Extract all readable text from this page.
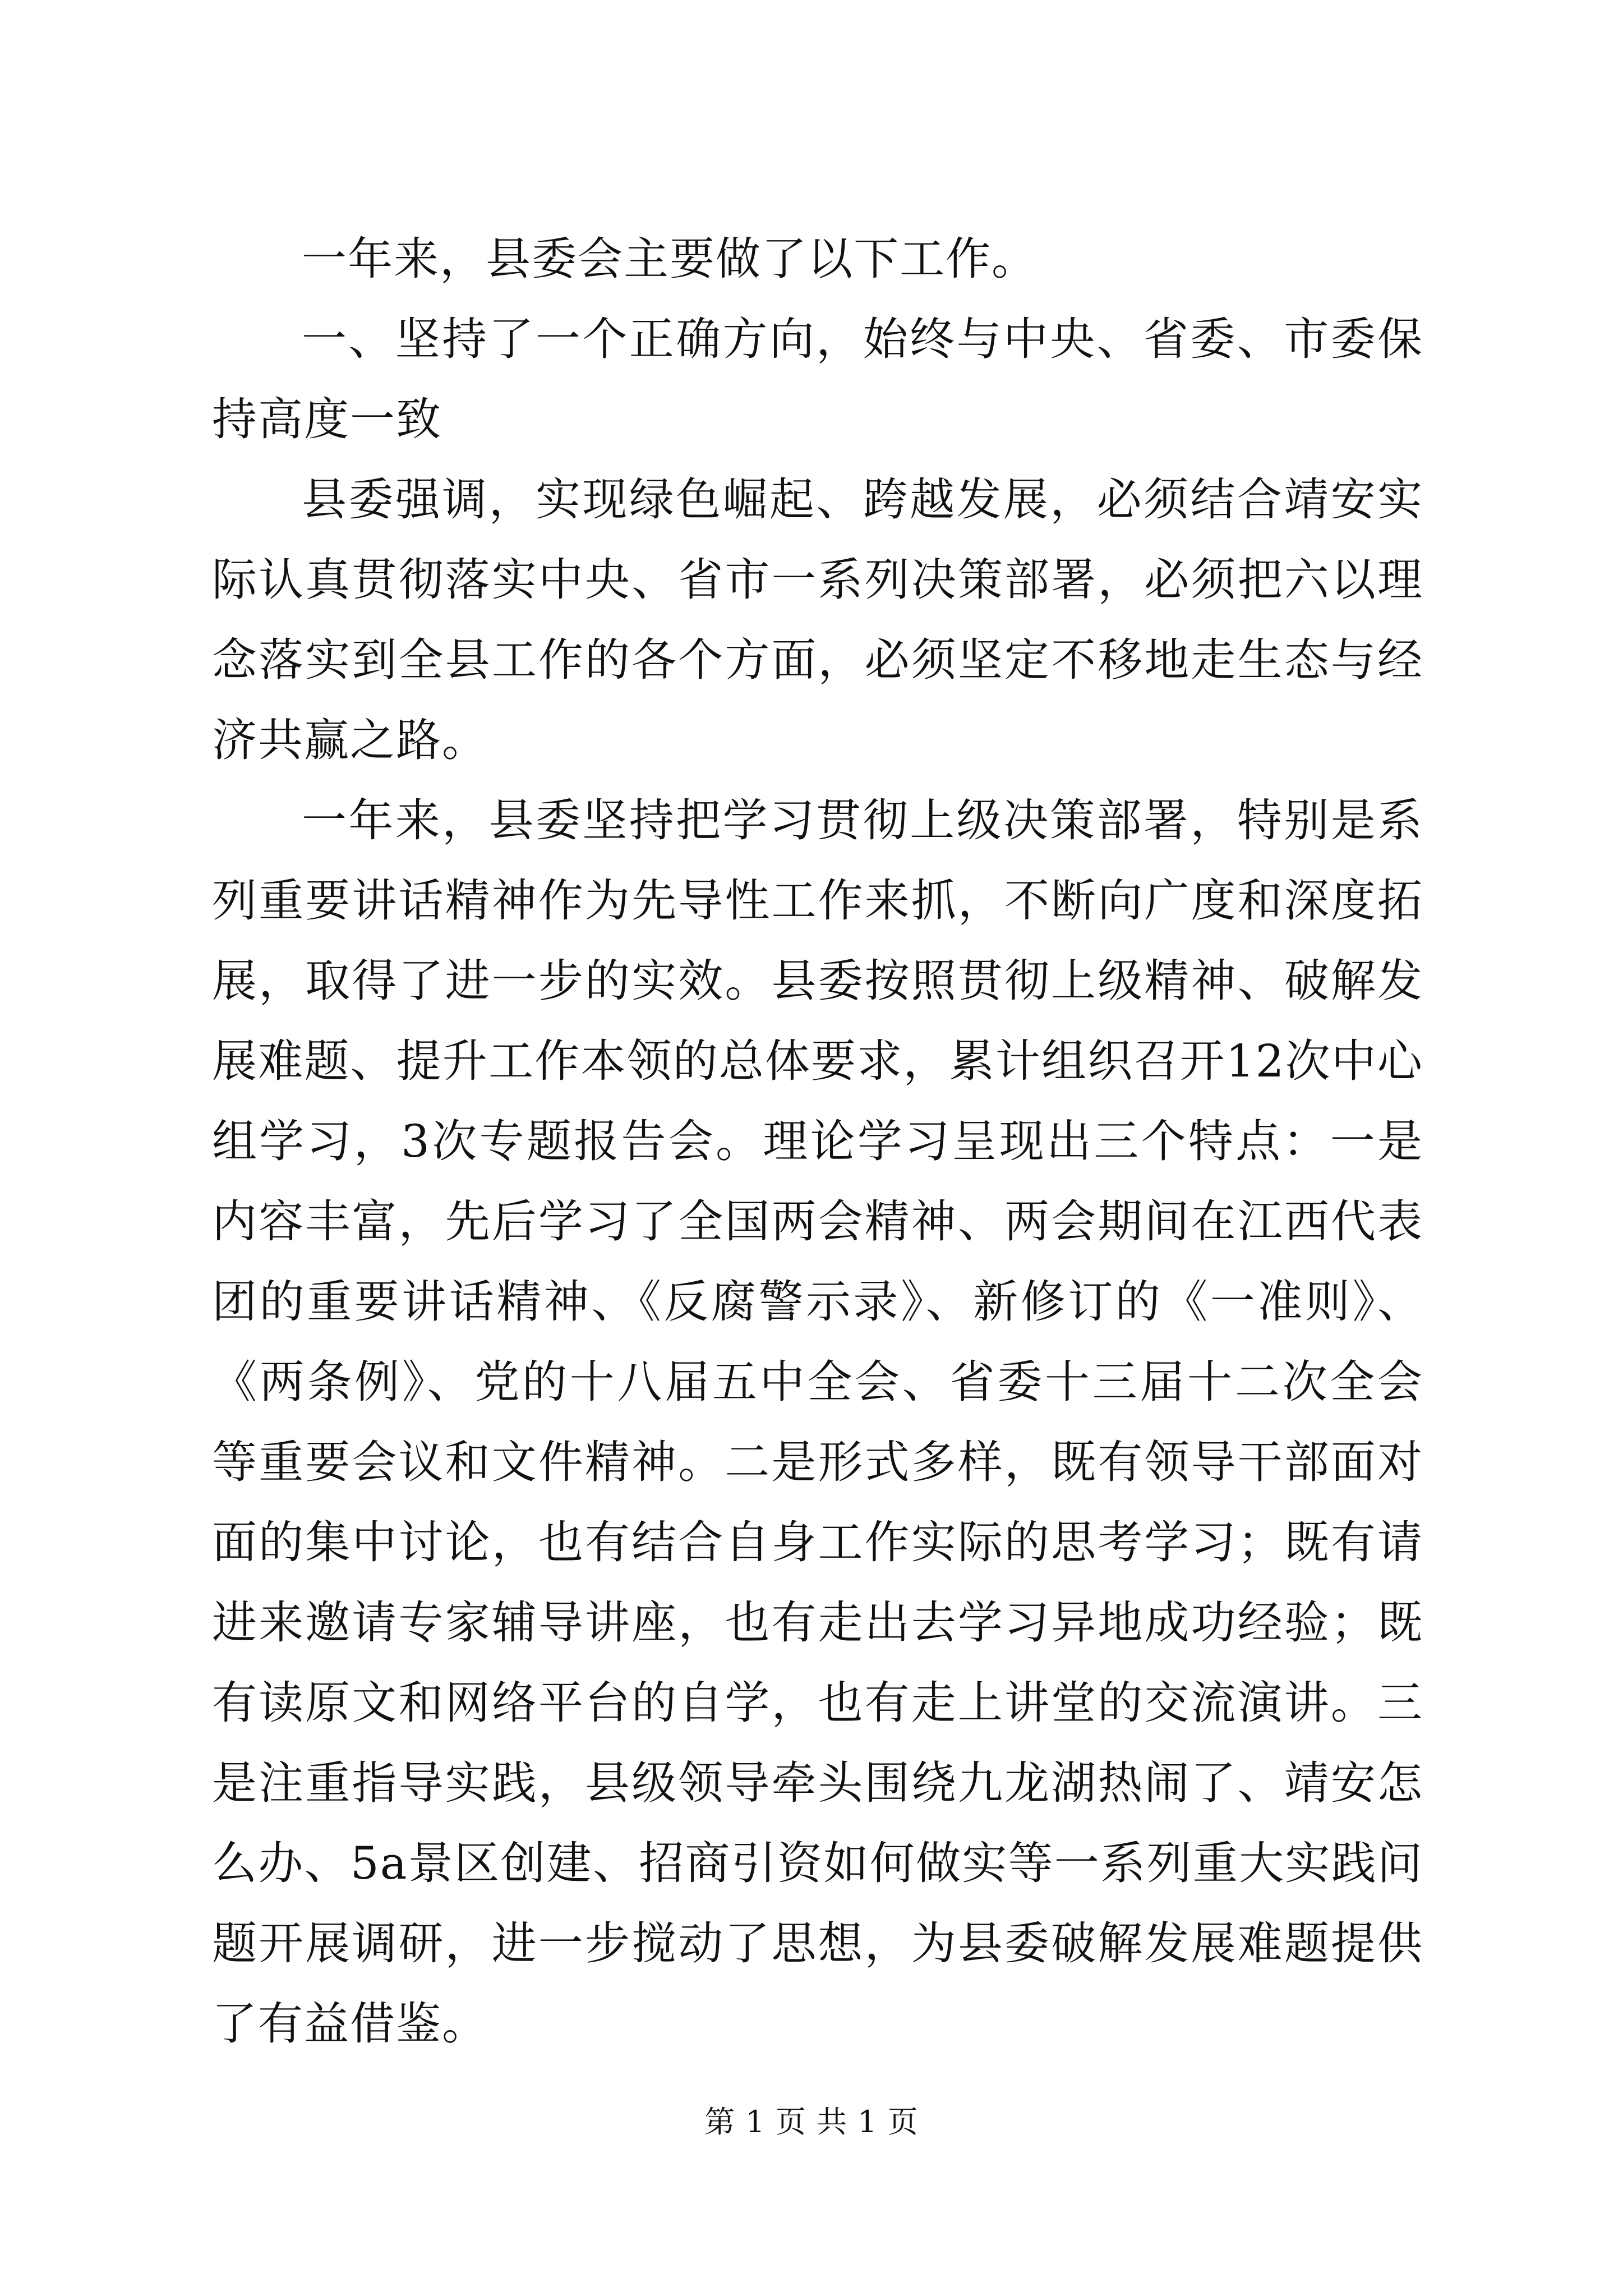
一年来，县委会主要做了以下工作。

一、坚持了一个正确方向，始终与中央、省委、市委保持高度一致

县委强调，实现绿色崛起、跨越发展，必须结合靖安实际认真贯彻落实中央、省市一系列决策部署，必须把六以理念落实到全县工作的各个方面，必须坚定不移地走生态与经济共赢之路。

一年来，县委坚持把学习贯彻上级决策部署，特别是系列重要讲话精神作为先导性工作来抓，不断向广度和深度拓展，取得了进一步的实效。县委按照贯彻上级精神、破解发展难题、提升工作本领的总体要求，累计组织召开12次中心组学习，3次专题报告会。理论学习呈现出三个特点：一是内容丰富，先后学习了全国两会精神、两会期间在江西代表团的重要讲话精神、《反腐警示录》、新修订的《一准则》、《两条例》、党的十八届五中全会、省委十三届十二次全会等重要会议和文件精神。二是形式多样，既有领导干部面对面的集中讨论，也有结合自身工作实际的思考学习；既有请进来邀请专家辅导讲座，也有走出去学习异地成功经验；既有读原文和网络平台的自学，也有走上讲堂的交流演讲。三是注重指导实践，县级领导牵头围绕九龙湖热闹了、靖安怎么办、5a景区创建、招商引资如何做实等一系列重大实践问题开展调研，进一步搅动了思想，为县委破解发展难题提供了有益借鉴。

第 1 页 共 1 页
